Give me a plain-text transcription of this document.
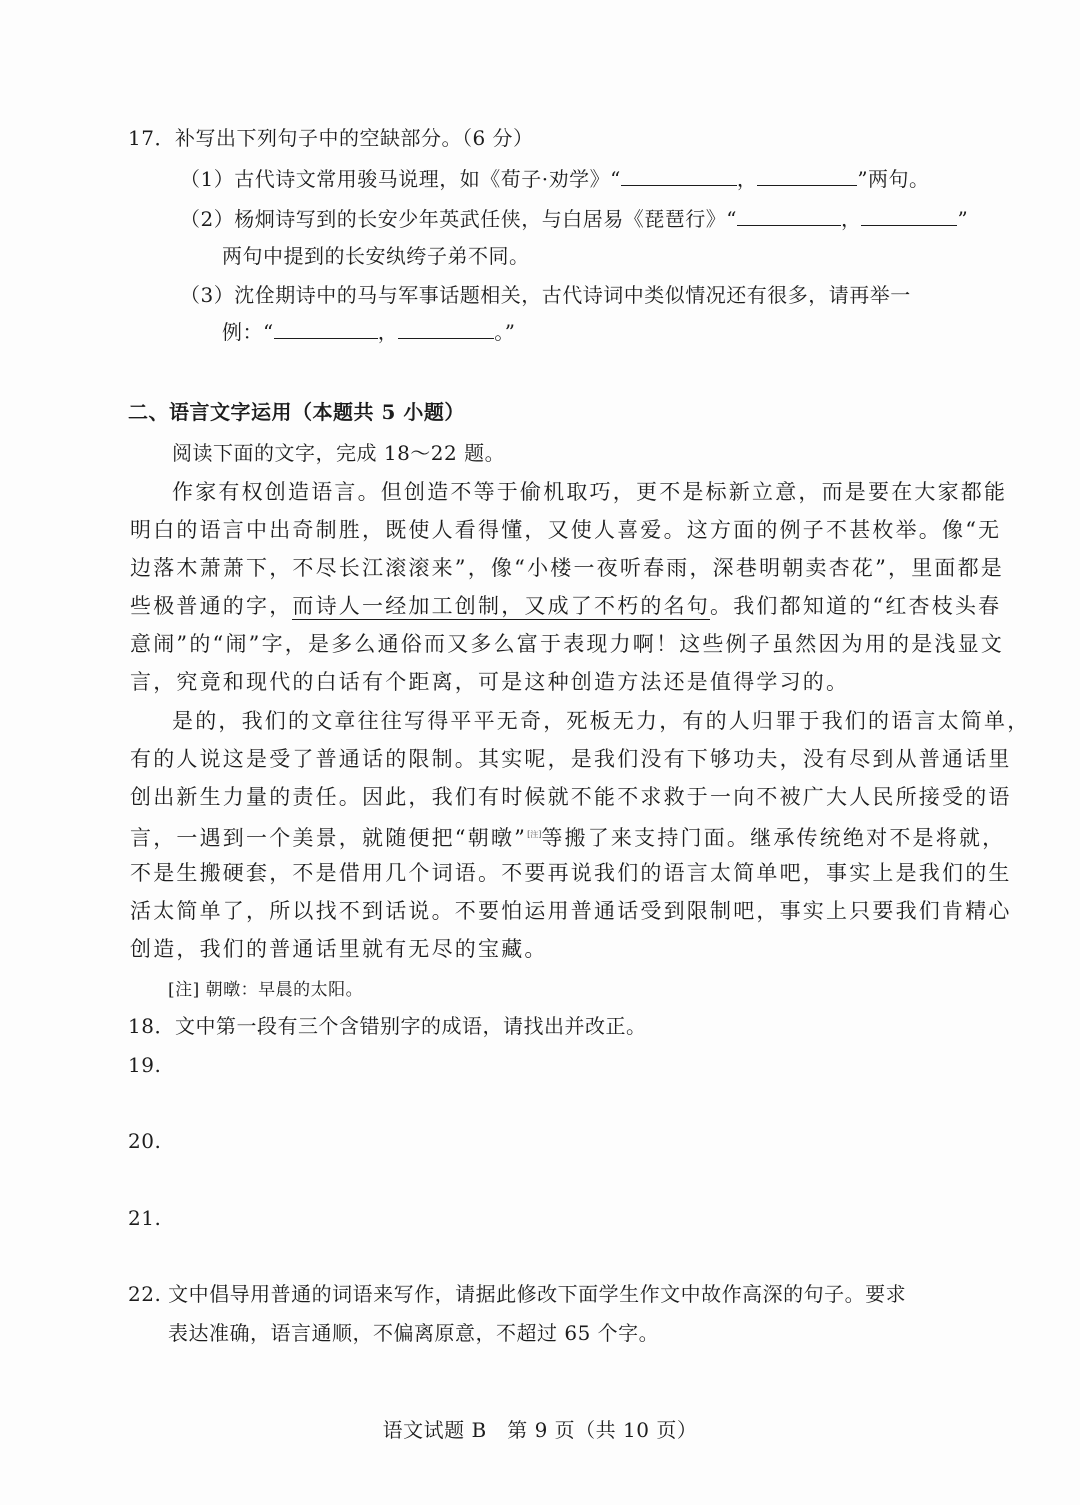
17．补写出下列句子中的空缺部分。（6 分）
（1）古代诗文常用骏马说理，如《荀子·劝学》“	，	”两句。
（2）杨炯诗写到的长安少年英武任侠，与白居易《琵琶行》“	，	”
两句中提到的长安纨绔子弟不同。
（3）沈佺期诗中的马与军事话题相关，古代诗词中类似情况还有很多，请再举一
例：“	，	。”
二、语言文字运用（本题共 5 小题）
阅读下面的文字，完成 18～22 题。
作家有权创造语言。但创造不等于偷机取巧，更不是标新立意，而是要在大家都能
明白的语言中出奇制胜，既使人看得懂，又使人喜爱。这方面的例子不甚枚举。像“无
边落木萧萧下，不尽长江滚滚来”，像“小楼一夜听春雨，深巷明朝卖杏花”，里面都是
些极普通的字，而诗人一经加工创制，又成了不朽的名句。我们都知道的“红杏枝头春
意闹”的“闹”字，是多么通俗而又多么富于表现力啊！这些例子虽然因为用的是浅显文
言，究竟和现代的白话有个距离，可是这种创造方法还是值得学习的。
是的，我们的文章往往写得平平无奇，死板无力，有的人归罪于我们的语言太简单，
有的人说这是受了普通话的限制。其实呢，是我们没有下够功夫，没有尽到从普通话里
创出新生力量的责任。因此，我们有时候就不能不求救于一向不被广大人民所接受的语
言，一遇到一个美景，就随便把“朝暾”[注]等搬了来支持门面。继承传统绝对不是将就，
不是生搬硬套，不是借用几个词语。不要再说我们的语言太简单吧，事实上是我们的生
活太简单了，所以找不到话说。不要怕运用普通话受到限制吧，事实上只要我们肯精心
创造，我们的普通话里就有无尽的宝藏。
[注] 朝暾：早晨的太阳。
18．文中第一段有三个含错别字的成语，请找出并改正。
19.
20.
21.
22. 文中倡导用普通的词语来写作，请据此修改下面学生作文中故作高深的句子。要求
表达准确，语言通顺，不偏离原意，不超过 65 个字。
语文试题 B　第 9 页（共 10 页）
